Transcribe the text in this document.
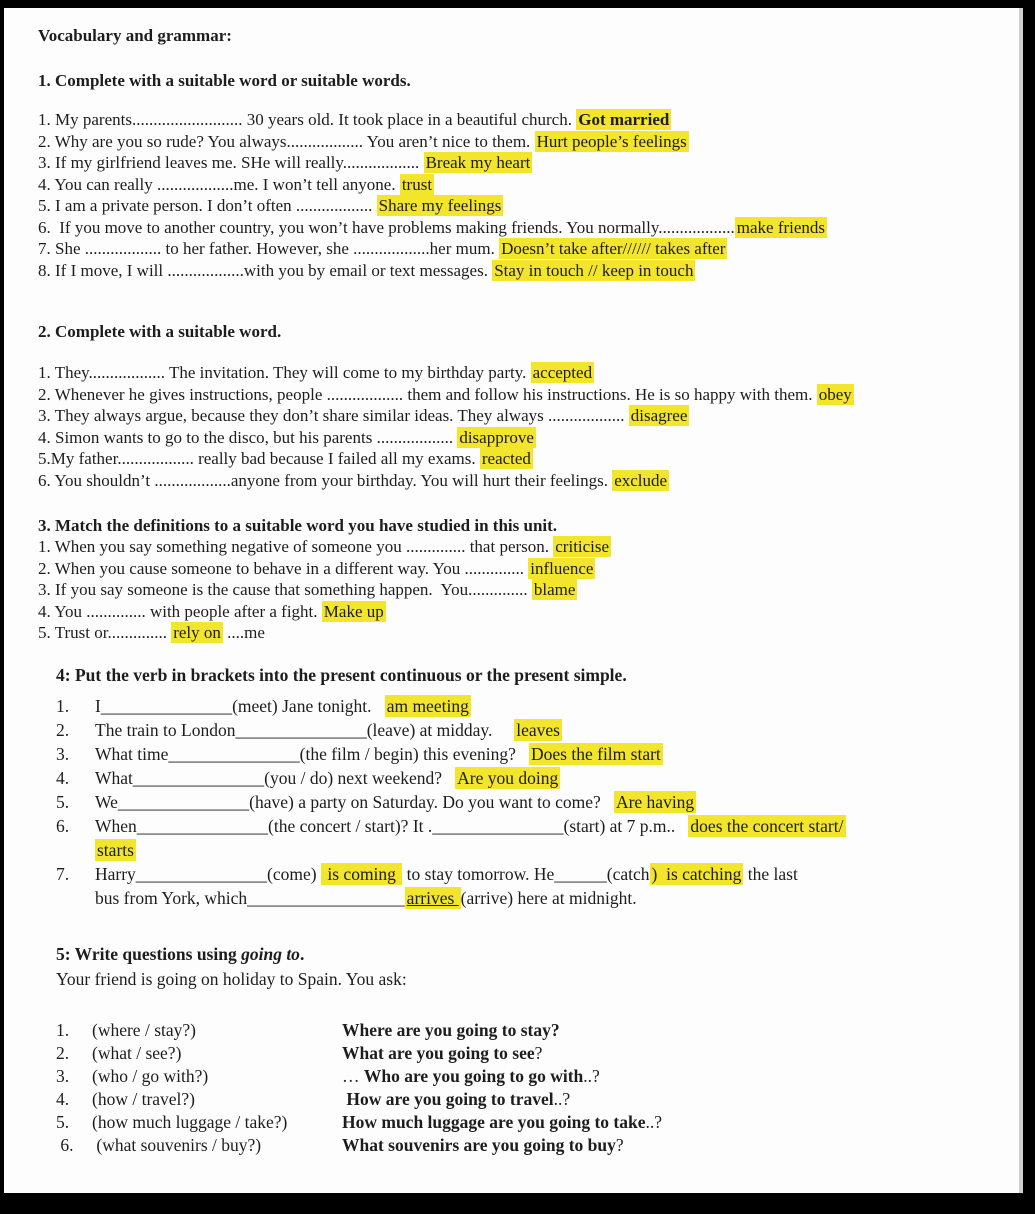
Vocabulary and grammar:
1. Complete with a suitable word or suitable words.

1. My parents.......................... 30 years old. It took place in a beautiful church. Got married

2. Why are you so rude? You always.................. You aren’t nice to them. Hurt people’s feelings

3. If my girlfriend leaves me. SHe will really.................. Break my heart

4. You can really ..................me. I won’t tell anyone. trust

5. I am a private person. I don’t often .................. Share my feelings

6.  If you move to another country, you won’t have problems making friends. You normally.................. make friends

7. She .................. to her father. However, she ..................her mum. Doesn’t take after////// takes after

8. If I move, I will ..................with you by email or text messages. Stay in touch // keep in touch

2. Complete with a suitable word.

1. They.................. The invitation. They will come to my birthday party. accepted

2. Whenever he gives instructions, people .................. them and follow his instructions. He is so happy with them. obey

3. They always argue, because they don’t share similar ideas. They always .................. disagree

4. Simon wants to go to the disco, but his parents .................. disapprove

5.My father.................. really bad because I failed all my exams. reacted

6. You shouldn’t ..................anyone from your birthday. You will hurt their feelings. exclude

3. Match the definitions to a suitable word you have studied in this unit.

1. When you say something negative of someone you .............. that person. criticise

2. When you cause someone to behave in a different way. You .............. influence

3. If you say someone is the cause that something happen.  You.............. blame

4. You .............. with people after a fight. Make up

5. Trust or.............. rely on ....me

4: Put the verb in brackets into the present continuous or the present simple.
1.	I_______________(meet) Jane tonight.   am meeting
2.	The train to London_______________(leave) at midday.     leaves
3.	What time_______________(the film / begin) this evening?   Does the film start
4.	What_______________(you / do) next weekend?   Are you doing
5.	We_______________(have) a party on Saturday. Do you want to come?   Are having
6.	When_______________(the concert / start)? It ._______________(start) at 7 p.m..   does the concert start/
starts
7.	Harry_______________(come)  is coming  to stay tomorrow. He______(catch )  is catching the last
bus from York, which__________________ arrives (arrive) here at midnight.
5: Write questions using going to.

Your friend is going on holiday to Spain. You ask:

1.	(where / stay?)	Where are you going to stay?
2.	(what / see?)	What are you going to see?
3.	(who / go with?)	… Who are you going to go with..?
4.	(how / travel?)	How are you going to travel..?
5.	(how much luggage / take?)	How much luggage are you going to take..?
6.	(what souvenirs / buy?)	What souvenirs are you going to buy?
